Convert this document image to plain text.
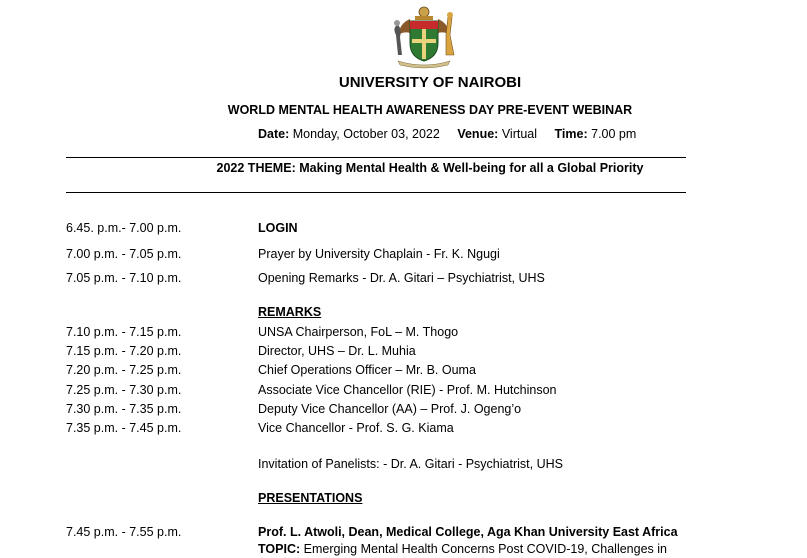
UNIVERSITY OF NAIROBI
WORLD MENTAL HEALTH AWARENESS DAY PRE-EVENT WEBINAR
Date: Monday, October 03, 2022 Venue: Virtual Time: 7.00 pm
2022 THEME: Making Mental Health & Well-being for all a Global Priority
6.45. p.m.- 7.00 p.m.	LOGIN
7.00 p.m. - 7.05 p.m.	Prayer by University Chaplain - Fr. K. Ngugi
7.05 p.m. - 7.10 p.m.	Opening Remarks - Dr. A. Gitari – Psychiatrist, UHS
REMARKS
7.10 p.m. - 7.15 p.m.	UNSA Chairperson, FoL – M. Thogo
7.15 p.m. - 7.20 p.m.	Director, UHS – Dr. L. Muhia
7.20 p.m. - 7.25 p.m.	Chief Operations Officer – Mr. B. Ouma
7.25 p.m. - 7.30 p.m.	Associate Vice Chancellor (RIE) - Prof. M. Hutchinson
7.30 p.m. - 7.35 p.m.	Deputy Vice Chancellor (AA) – Prof. J. Ogeng’o
7.35 p.m. - 7.45 p.m.	Vice Chancellor - Prof. S. G. Kiama
Invitation of Panelists: - Dr. A. Gitari - Psychiatrist, UHS
PRESENTATIONS
7.45 p.m. - 7.55 p.m.	Prof. L. Atwoli, Dean, Medical College, Aga Khan University East Africa
TOPIC: Emerging Mental Health Concerns Post COVID-19, Challenges in
